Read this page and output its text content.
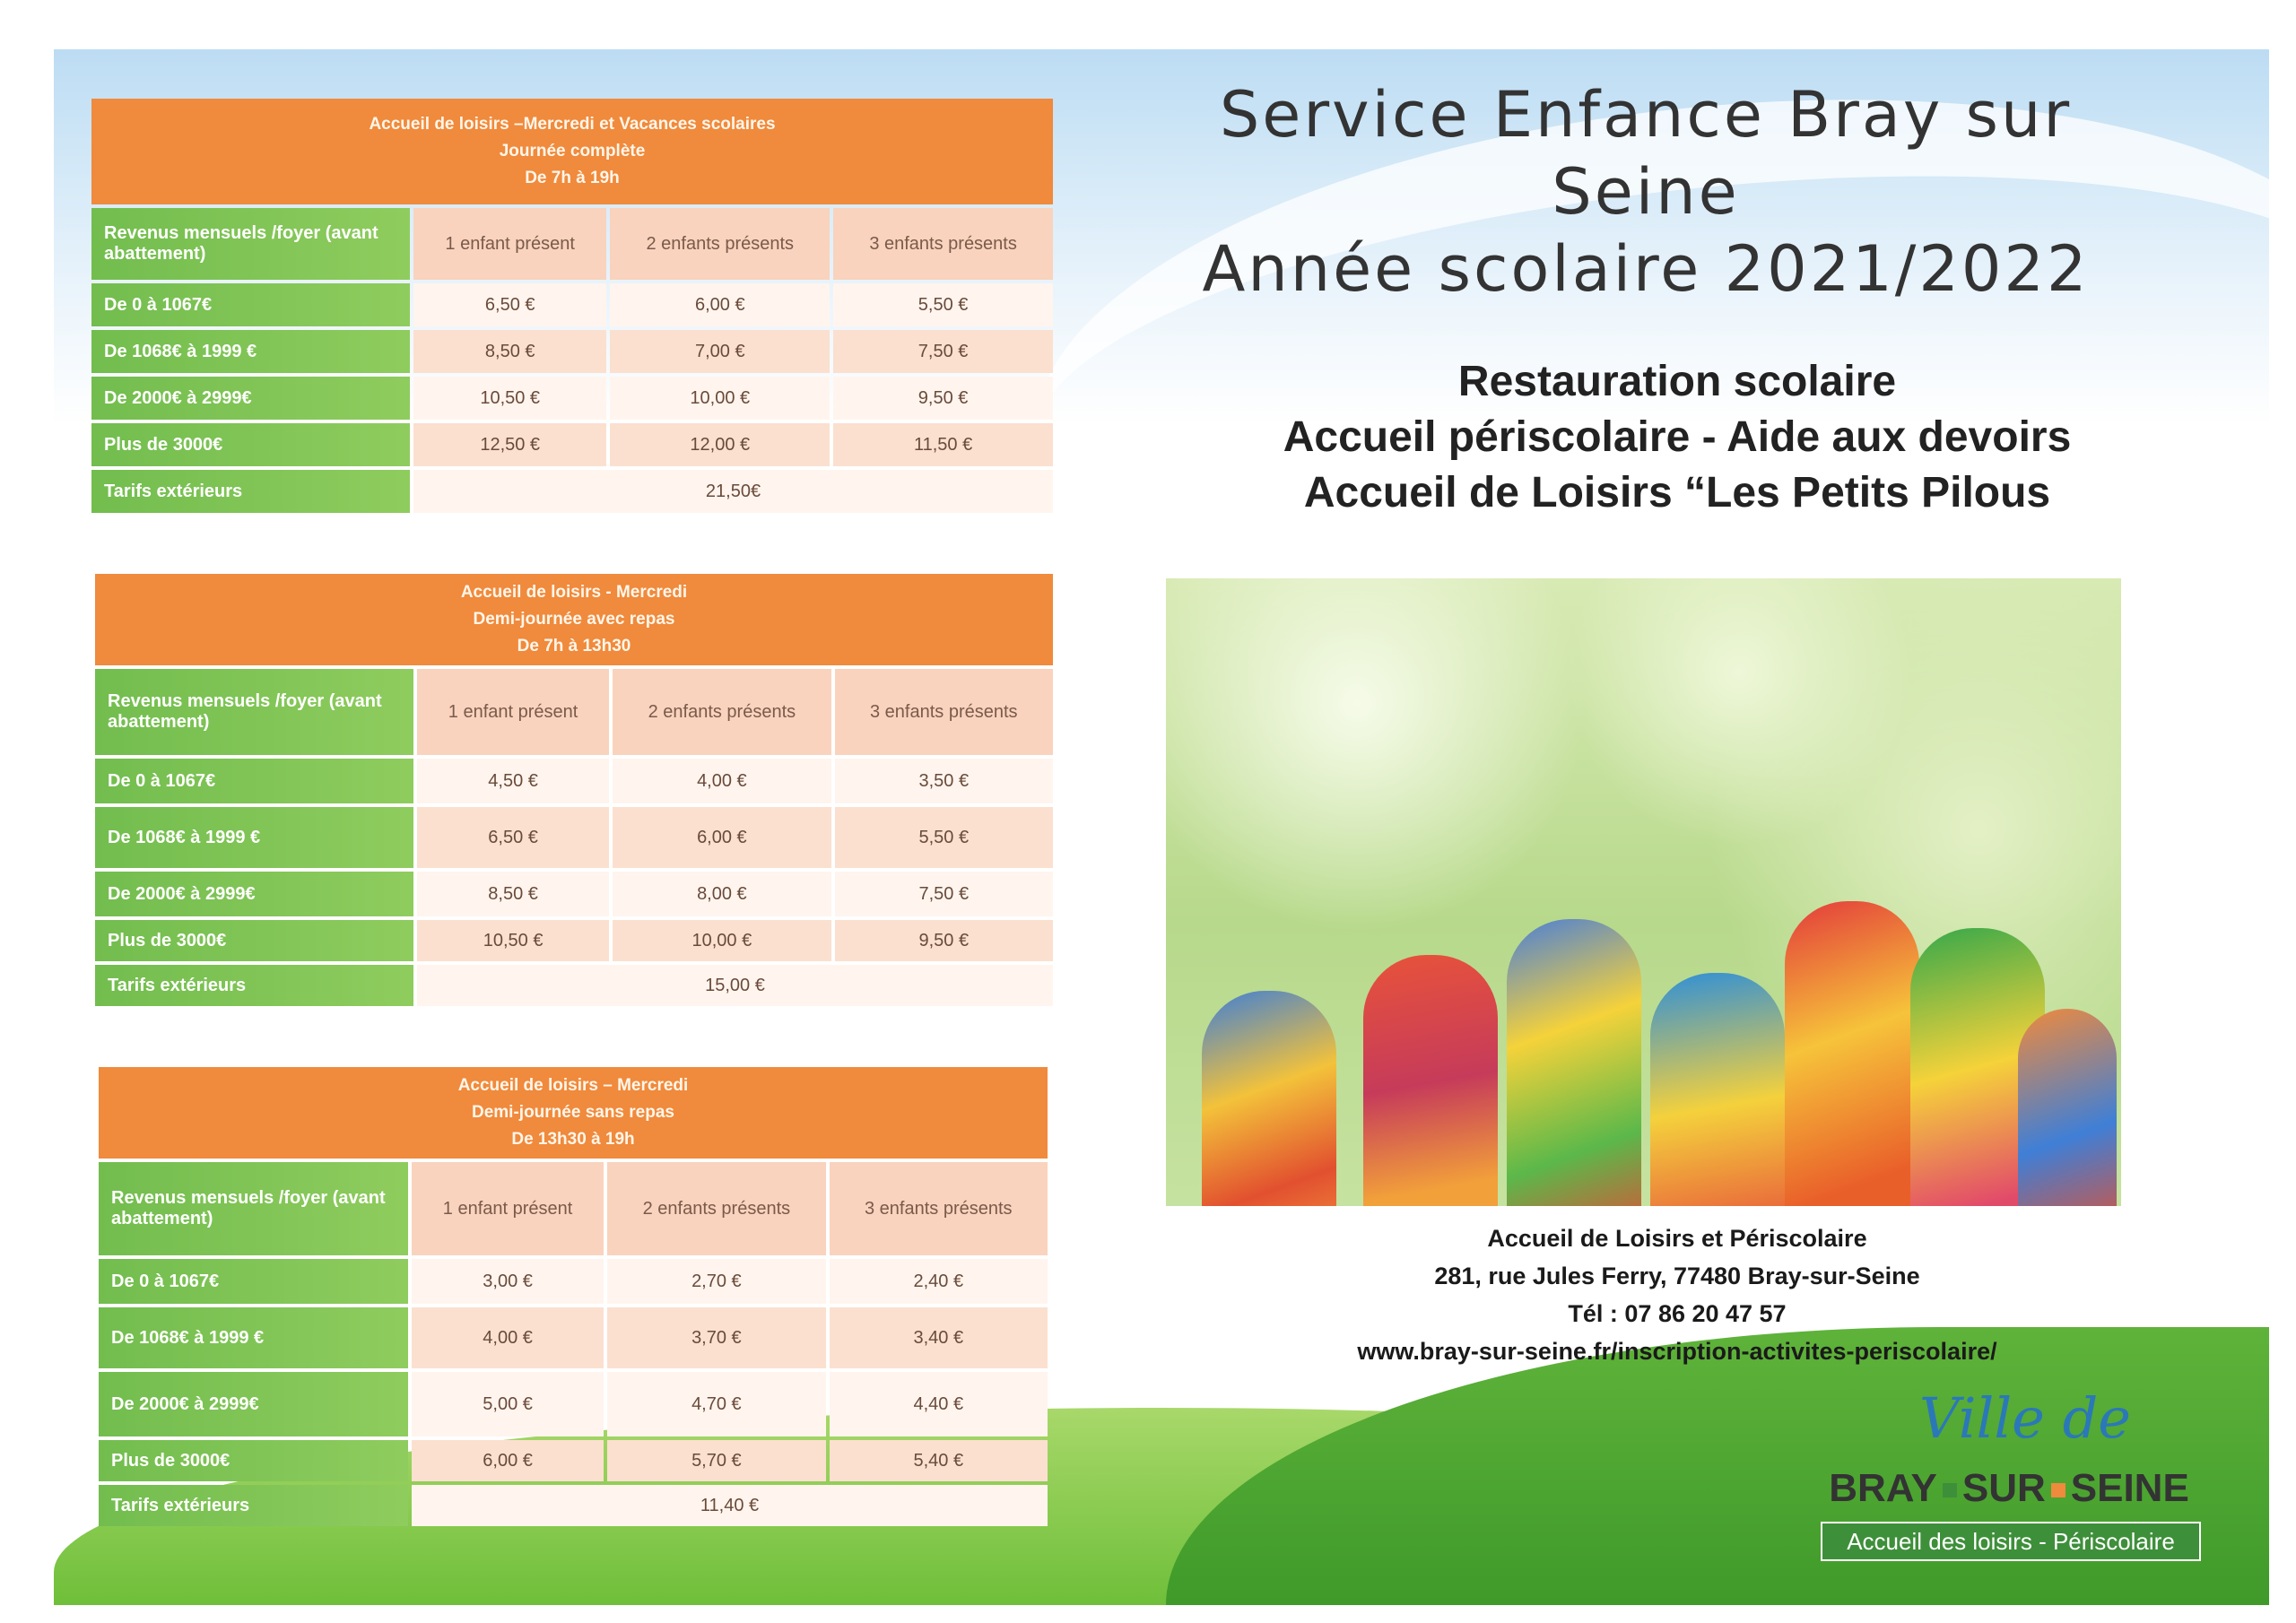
Accueil de loisirs –Mercredi et Vacances scolaires
Journée complète
De 7h à 19h			

Revenus mensuels /foyer (avant abattement)	1 enfant présent	2 enfants présents	3 enfants présents
De 0 à 1067€	6,50 €	6,00 €	5,50 €
De 1068€ à 1999 €	8,50 €	7,00 €	7,50 €
De 2000€ à 2999€	10,50 €	10,00 €	9,50 €
Plus de 3000€	12,50 €	12,00 €	11,50 €
Tarifs extérieurs	21,50€		
Accueil de loisirs - Mercredi
Demi-journée avec repas
De 7h à 13h30			

Revenus mensuels /foyer (avant abattement)	1 enfant présent	2 enfants présents	3 enfants présents
De 0 à 1067€	4,50 €	4,00 €	3,50 €
De 1068€ à 1999 €	6,50 €	6,00 €	5,50 €
De 2000€ à 2999€	8,50 €	8,00 €	7,50 €
Plus de 3000€	10,50 €	10,00 €	9,50 €
Tarifs extérieurs	15,00 €		
Accueil de loisirs – Mercredi
Demi-journée sans repas
De 13h30 à 19h			

Revenus mensuels /foyer (avant abattement)	1 enfant présent	2 enfants présents	3 enfants présents
De 0 à 1067€	3,00 €	2,70 €	2,40 €
De 1068€ à 1999 €	4,00 €	3,70 €	3,40 €
De 2000€ à 2999€	5,00 €	4,70 €	4,40 €
Plus de 3000€	6,00 €	5,70 €	5,40 €
Tarifs extérieurs	11,40 €		
Service Enfance Bray sur
Seine
Année scolaire 2021/2022
Restauration scolaire
Accueil périscolaire - Aide aux devoirs
Accueil de Loisirs “Les Petits Pilous
Accueil de Loisirs et Périscolaire
281, rue Jules Ferry, 77480 Bray-sur-Seine
Tél : 07 86 20 47 57
www.bray-sur-seine.fr/inscription-activites-periscolaire/
Ville de
BRAY SUR SEINE
Accueil des loisirs - Périscolaire
